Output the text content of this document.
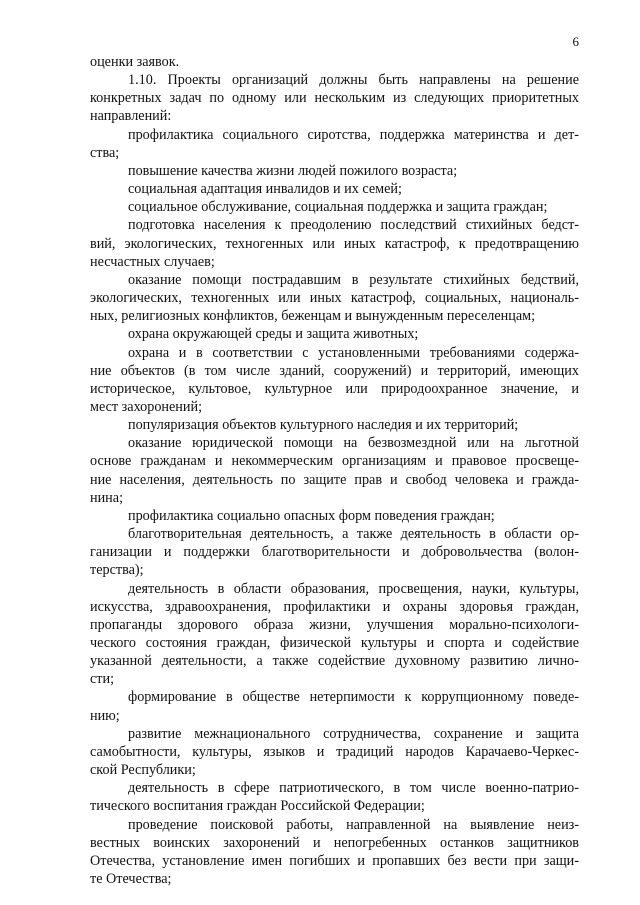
6
оценки заявок.
1.10. Проекты организаций должны быть направлены на решение
конкретных задач по одному или нескольким из следующих приоритетных
направлений:
профилактика социального сиротства, поддержка материнства и дет-
ства;
повышение качества жизни людей пожилого возраста;
социальная адаптация инвалидов и их семей;
социальное обслуживание, социальная поддержка и защита граждан;
подготовка населения к преодолению последствий стихийных бедст-
вий, экологических, техногенных или иных катастроф, к предотвращению
несчастных случаев;
оказание помощи пострадавшим в результате стихийных бедствий,
экологических, техногенных или иных катастроф, социальных, националь-
ных, религиозных конфликтов, беженцам и вынужденным переселенцам;
охрана окружающей среды и защита животных;
охрана и в соответствии с установленными требованиями содержа-
ние объектов (в том числе зданий, сооружений) и территорий, имеющих
историческое, культовое, культурное или природоохранное значение, и
мест захоронений;
популяризация объектов культурного наследия и их территорий;
оказание юридической помощи на безвозмездной или на льготной
основе гражданам и некоммерческим организациям и правовое просвеще-
ние населения, деятельность по защите прав и свобод человека и гражда-
нина;
профилактика социально опасных форм поведения граждан;
благотворительная деятельность, а также деятельность в области ор-
ганизации и поддержки благотворительности и добровольчества (волон-
терства);
деятельность в области образования, просвещения, науки, культуры,
искусства, здравоохранения, профилактики и охраны здоровья граждан,
пропаганды здорового образа жизни, улучшения морально-психологи-
ческого состояния граждан, физической культуры и спорта и содействие
указанной деятельности, а также содействие духовному развитию лично-
сти;
формирование в обществе нетерпимости к коррупционному поведе-
нию;
развитие межнационального сотрудничества, сохранение и защита
самобытности, культуры, языков и традиций народов Карачаево-Черкес-
ской Республики;
деятельность в сфере патриотического, в том числе военно-патрио-
тического воспитания граждан Российской Федерации;
проведение поисковой работы, направленной на выявление неиз-
вестных воинских захоронений и непогребенных останков защитников
Отечества, установление имен погибших и пропавших без вести при защи-
те Отечества;
